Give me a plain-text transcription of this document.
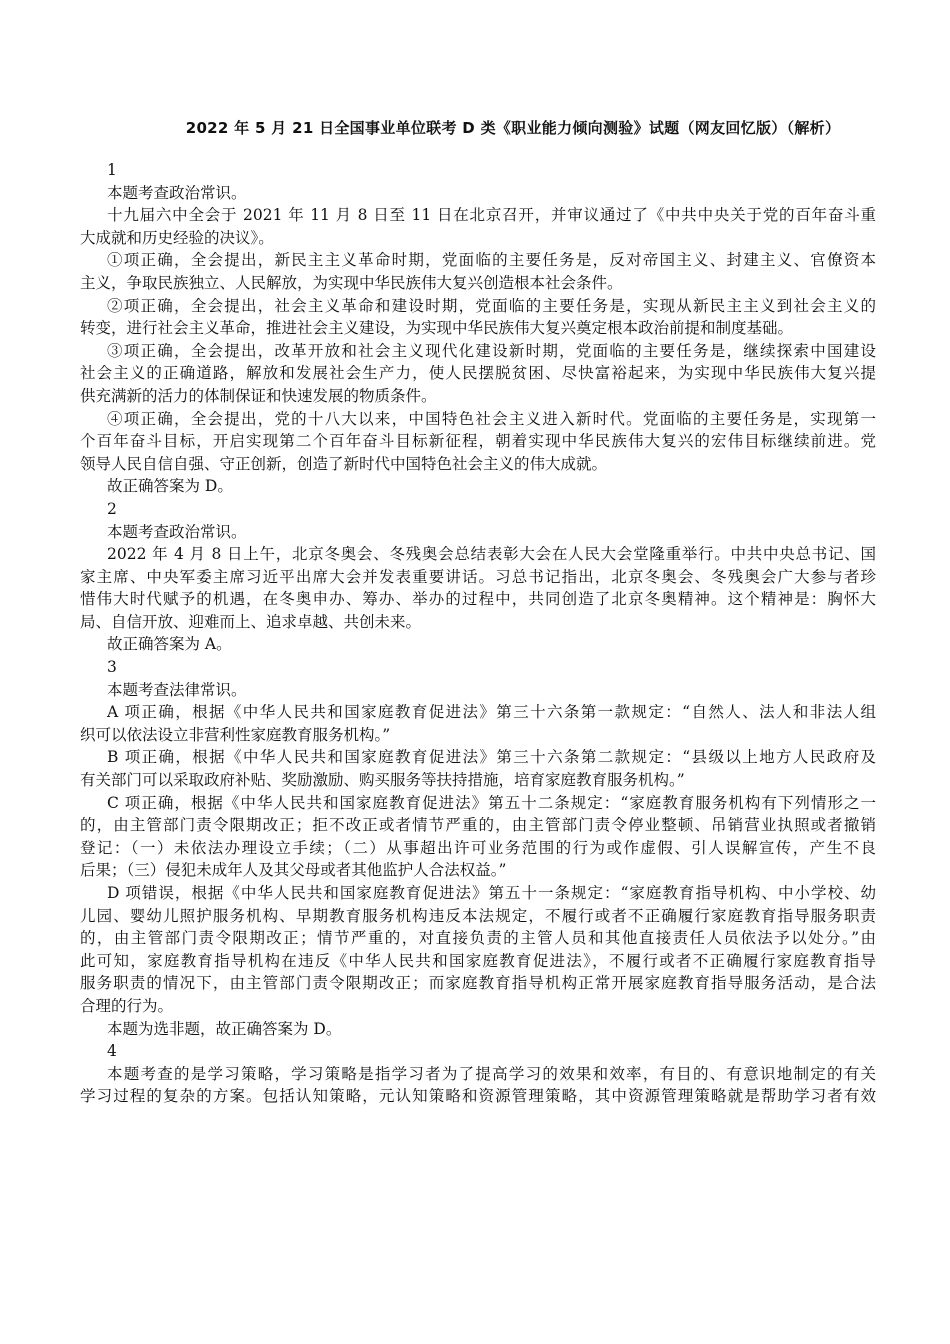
2022 年 5 月 21 日全国事业单位联考 D 类《职业能力倾向测验》试题（网友回忆版）（解析）
1
本题考查政治常识。
十九届六中全会于 2021 年 11 月 8 日至 11 日在北京召开，并审议通过了《中共中央关于党的百年奋斗重
大成就和历史经验的决议》。
①项正确，全会提出，新民主主义革命时期，党面临的主要任务是，反对帝国主义、封建主义、官僚资本
主义，争取民族独立、人民解放，为实现中华民族伟大复兴创造根本社会条件。
②项正确，全会提出，社会主义革命和建设时期，党面临的主要任务是，实现从新民主主义到社会主义的
转变，进行社会主义革命，推进社会主义建设，为实现中华民族伟大复兴奠定根本政治前提和制度基础。
③项正确，全会提出，改革开放和社会主义现代化建设新时期，党面临的主要任务是，继续探索中国建设
社会主义的正确道路，解放和发展社会生产力，使人民摆脱贫困、尽快富裕起来，为实现中华民族伟大复兴提
供充满新的活力的体制保证和快速发展的物质条件。
④项正确，全会提出，党的十八大以来，中国特色社会主义进入新时代。党面临的主要任务是，实现第一
个百年奋斗目标，开启实现第二个百年奋斗目标新征程，朝着实现中华民族伟大复兴的宏伟目标继续前进。党
领导人民自信自强、守正创新，创造了新时代中国特色社会主义的伟大成就。
故正确答案为 D。
2
本题考查政治常识。
2022 年 4 月 8 日上午，北京冬奥会、冬残奥会总结表彰大会在人民大会堂隆重举行。中共中央总书记、国
家主席、中央军委主席习近平出席大会并发表重要讲话。习总书记指出，北京冬奥会、冬残奥会广大参与者珍
惜伟大时代赋予的机遇，在冬奥申办、筹办、举办的过程中，共同创造了北京冬奥精神。这个精神是：胸怀大
局、自信开放、迎难而上、追求卓越、共创未来。
故正确答案为 A。
3
本题考查法律常识。
A 项正确，根据《中华人民共和国家庭教育促进法》第三十六条第一款规定：“自然人、法人和非法人组
织可以依法设立非营利性家庭教育服务机构。”
B 项正确，根据《中华人民共和国家庭教育促进法》第三十六条第二款规定：“县级以上地方人民政府及
有关部门可以采取政府补贴、奖励激励、购买服务等扶持措施，培育家庭教育服务机构。”
C 项正确，根据《中华人民共和国家庭教育促进法》第五十二条规定：“家庭教育服务机构有下列情形之一
的，由主管部门责令限期改正；拒不改正或者情节严重的，由主管部门责令停业整顿、吊销营业执照或者撤销
登记：（一）未依法办理设立手续；（二）从事超出许可业务范围的行为或作虚假、引人误解宣传，产生不良
后果；（三）侵犯未成年人及其父母或者其他监护人合法权益。”
D 项错误，根据《中华人民共和国家庭教育促进法》第五十一条规定：“家庭教育指导机构、中小学校、幼
儿园、婴幼儿照护服务机构、早期教育服务机构违反本法规定，不履行或者不正确履行家庭教育指导服务职责
的，由主管部门责令限期改正；情节严重的，对直接负责的主管人员和其他直接责任人员依法予以处分。”由
此可知，家庭教育指导机构在违反《中华人民共和国家庭教育促进法》，不履行或者不正确履行家庭教育指导
服务职责的情况下，由主管部门责令限期改正；而家庭教育指导机构正常开展家庭教育指导服务活动，是合法
合理的行为。
本题为选非题，故正确答案为 D。
4
本题考查的是学习策略，学习策略是指学习者为了提高学习的效果和效率，有目的、有意识地制定的有关
学习过程的复杂的方案。包括认知策略，元认知策略和资源管理策略，其中资源管理策略就是帮助学习者有效
